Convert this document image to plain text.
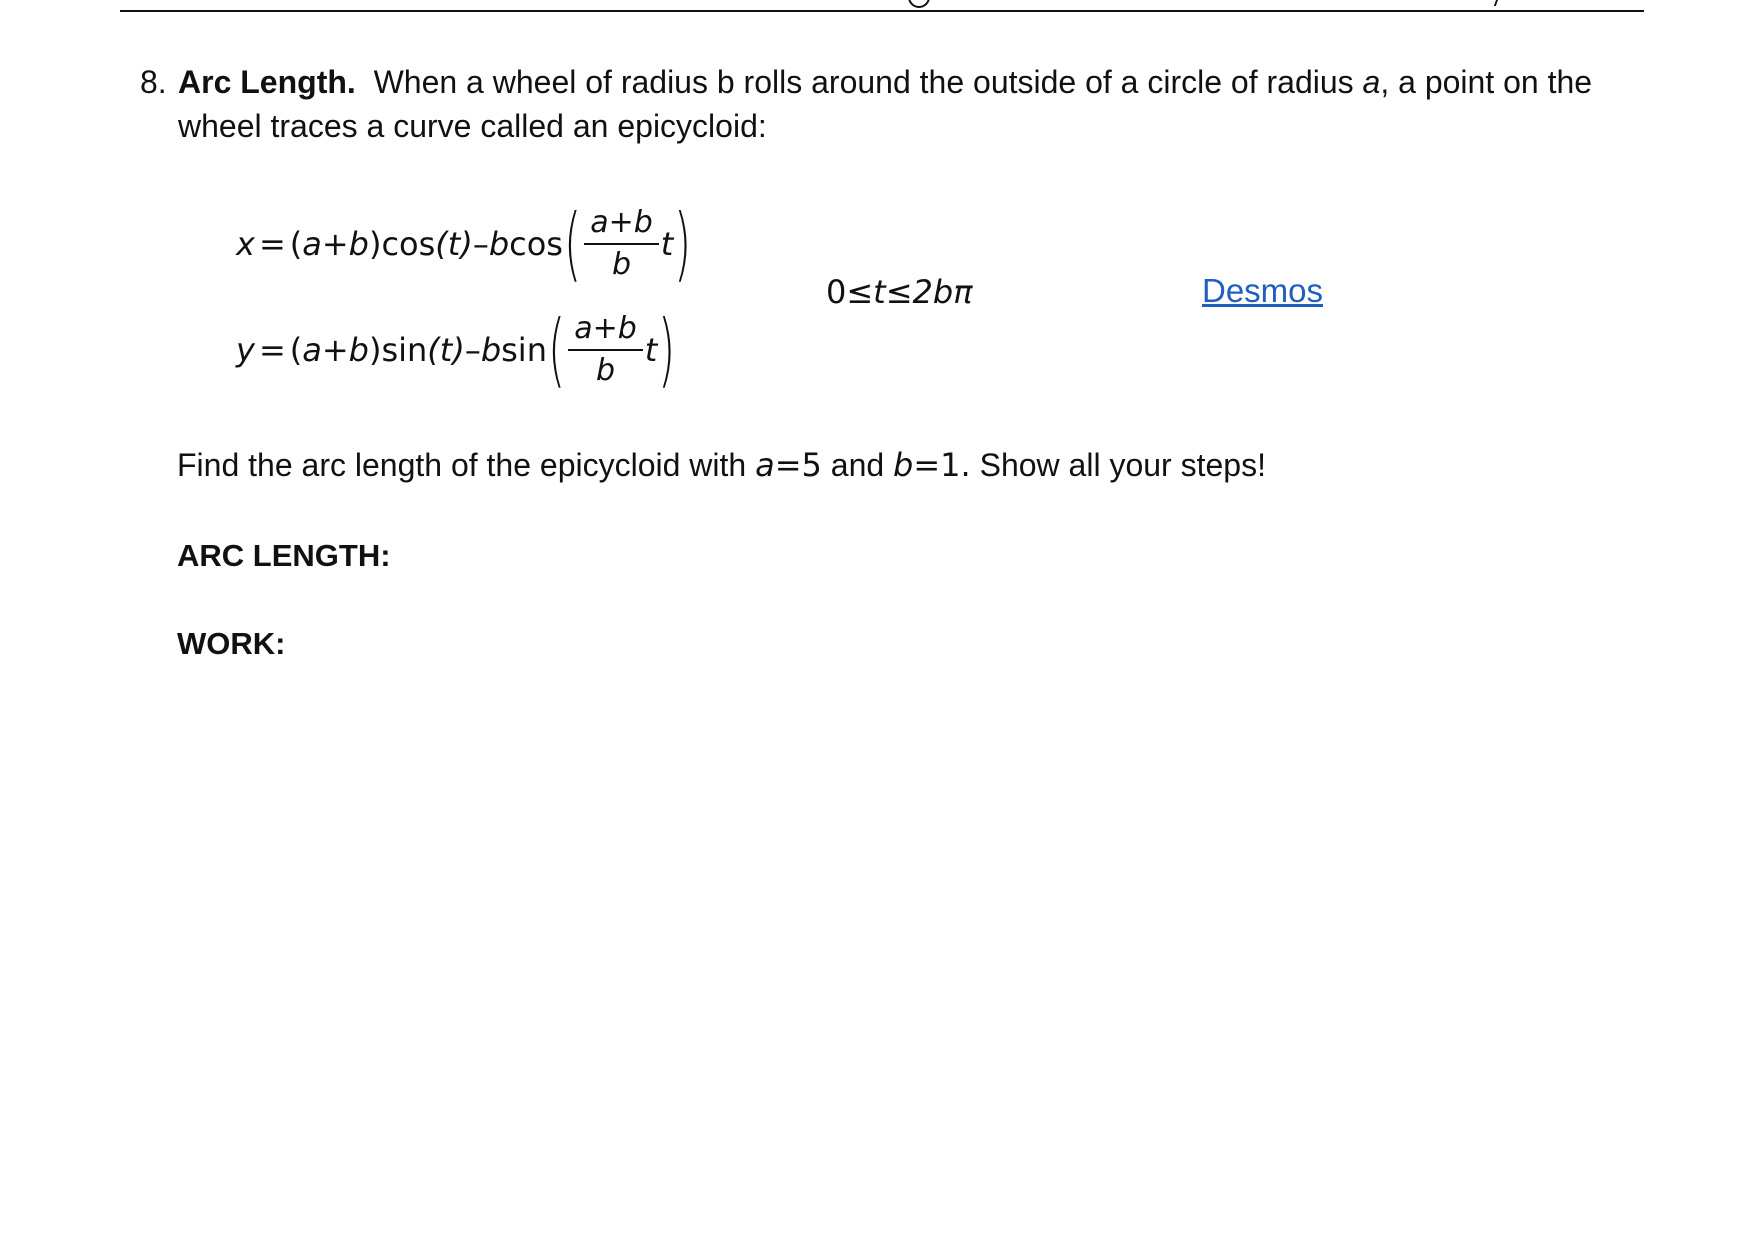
8. Arc Length. When a wheel of radius b rolls around the outside of a circle of radius a, a point on the wheel traces a curve called an epicycloid:
x = ( a + b ) cos (t) – b cos ( $\frac{a+b}{b}$ t )
y = ( a + b ) sin (t) – b sin ( $\frac{a+b}{b}$ t )
0≤t≤2bπ	Desmos
Find the arc length of the epicycloid with a=5 and b=1. Show all your steps!
ARC LENGTH:
WORK:
